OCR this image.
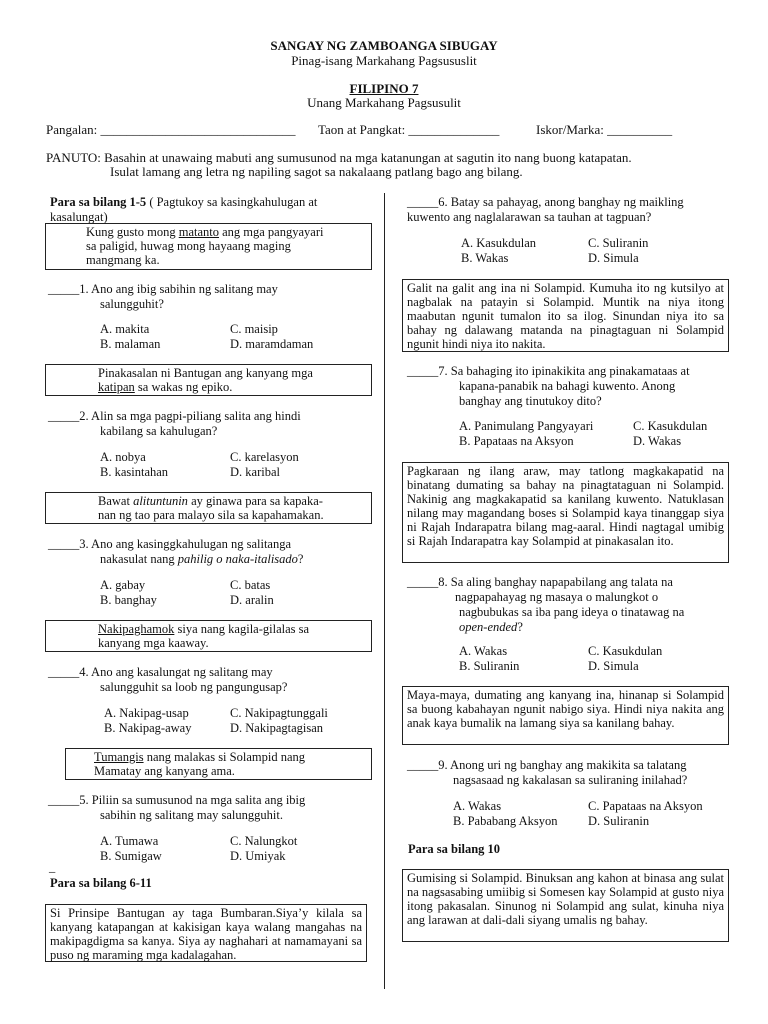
SANGAY NG ZAMBOANGA SIBUGAY
Pinag-isang Markahang Pagsususlit
FILIPINO 7
Unang Markahang Pagsusulit
Pangalan: ______________________________ Taon at Pangkat: ______________	Iskor/Marka: __________
PANUTO: Basahin at unawaing mabuti ang sumusunod na mga katanungan at sagutin ito nang buong katapatan.
Isulat lamang ang letra ng napiling sagot sa nakalaang patlang bago ang bilang.
Para sa bilang 1-5 ( Pagtukoy sa kasingkahulugan at
kasalungat)
Kung gusto mong matanto ang mga pangyayari
sa paligid, huwag mong hayaang maging
mangmang ka.
_____1. Ano ang ibig sabihin ng salitang may
salungguhit?
A. makita	C. maisip
B. malaman	D. maramdaman
Pinakasalan ni Bantugan ang kanyang mga
katipan sa wakas ng epiko.
_____2. Alin sa mga pagpi-piliang salita ang hindi
kabilang sa kahulugan?
A. nobya	C. karelasyon
B. kasintahan	D. karibal
Bawat alituntunin ay ginawa para sa kapaka-
nan ng tao para malayo sila sa kapahamakan.
_____3. Ano ang kasinggkahulugan ng salitanga
nakasulat nang pahilig o naka-italisado?
A. gabay	C. batas
B. banghay	D. aralin
Nakipaghamok siya nang kagila-gilalas sa
kanyang mga kaaway.
_____4. Ano ang kasalungat ng salitang may
salungguhit sa loob ng pangungusap?
A. Nakipag-usap	C. Nakipagtunggali
B. Nakipag-away	D. Nakipagtagisan
Tumangis nang malakas si Solampid nang
Mamatay ang kanyang ama.
_____5. Piliin sa sumusunod na mga salita ang ibig
sabihin ng salitang may salungguhit.
A. Tumawa	C. Nalungkot
B. Sumigaw	D. Umiyak
_
Para sa bilang 6-11
Si Prinsipe Bantugan ay taga Bumbaran.Siya’y kilala sa kanyang katapangan at kakisigan kaya walang mangahas na makipagdigma sa kanya. Siya ay naghahari at namamayani sa puso ng maraming mga kadalagahan.
_____6. Batay sa pahayag, anong banghay ng maikling
kuwento ang naglalarawan sa tauhan at tagpuan?
A. Kasukdulan	C. Suliranin
B. Wakas	D. Simula
Galit na galit ang ina ni Solampid. Kumuha ito ng kutsilyo at nagbalak na patayin si Solampid. Muntik na niya itong maabutan ngunit tumalon ito sa ilog. Sinundan niya ito sa bahay ng dalawang matanda na pinagtaguan ni Solampid ngunit hindi niya ito nakita.
_____7. Sa bahaging ito ipinakikita ang pinakamataas at
kapana-panabik na bahagi kuwento. Anong
banghay ang tinutukoy dito?
A. Panimulang Pangyayari	C. Kasukdulan
B. Papataas na Aksyon	D. Wakas
Pagkaraan ng ilang araw, may tatlong magkakapatid na binatang dumating sa bahay na pinagtataguan ni Solampid. Nakinig ang magkakapatid sa kanilang kuwento. Natuklasan nilang may magandang boses si Solampid kaya tinanggap siya ni Rajah Indarapatra bilang mag-aaral. Hindi nagtagal umibig si Rajah Indarapatra kay Solampid at pinakasalan ito.
_____8. Sa aling banghay napapabilang ang talata na
nagpapahayag ng masaya o malungkot o
nagbubukas sa iba pang ideya o tinatawag na
open-ended?
A. Wakas	C. Kasukdulan
B. Suliranin	D. Simula
Maya-maya, dumating ang kanyang ina, hinanap si Solampid sa buong kabahayan ngunit nabigo siya. Hindi niya nakita ang anak kaya bumalik na lamang siya sa kanilang bahay.
_____9. Anong uri ng banghay ang makikita sa talatang
nagsasaad ng kakalasan sa suliraning inilahad?
A. Wakas	C. Papataas na Aksyon
B. Pababang Aksyon D. Suliranin
Para sa bilang 10
Gumising si Solampid. Binuksan ang kahon at binasa ang sulat na nagsasabing umiibig si Somesen kay Solampid at gusto niya itong pakasalan. Sinunog ni Solampid ang sulat, kinuha niya ang larawan at dali-dali siyang umalis ng bahay.
